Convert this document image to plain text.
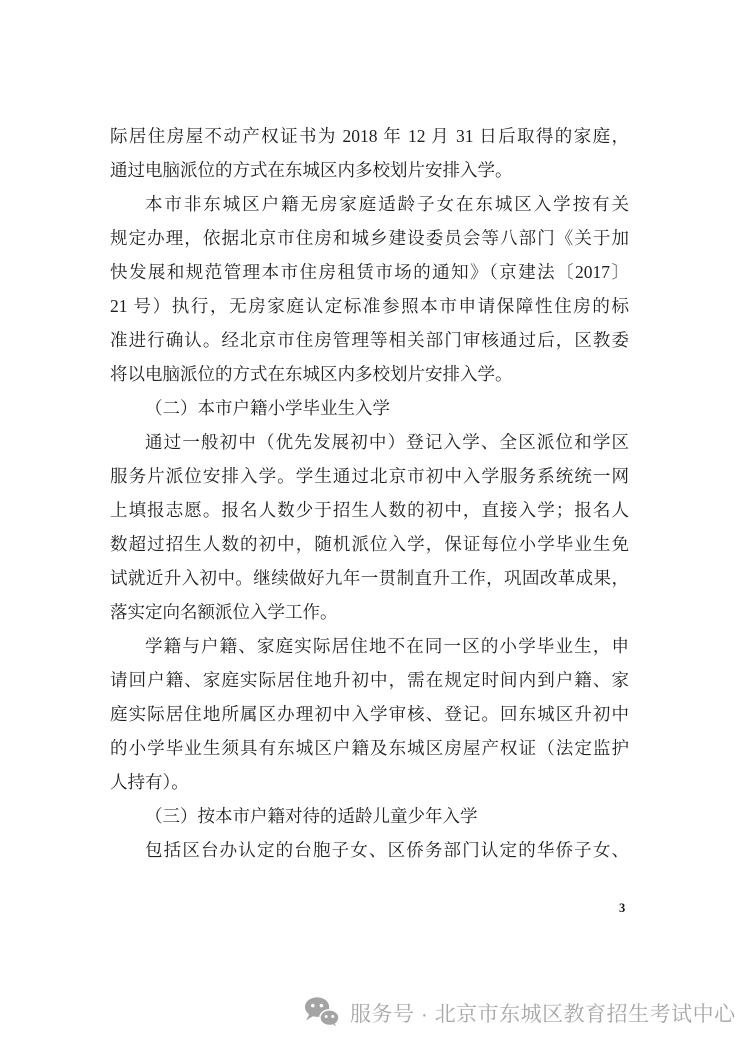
际居住房屋不动产权证书为 2018 年 12 月 31 日后取得的家庭，
通过电脑派位的方式在东城区内多校划片安排入学。
本市非东城区户籍无房家庭适龄子女在东城区入学按有关
规定办理，依据北京市住房和城乡建设委员会等八部门《关于加
快发展和规范管理本市住房租赁市场的通知》（京建法〔2017〕
21 号）执行，无房家庭认定标准参照本市申请保障性住房的标
准进行确认。经北京市住房管理等相关部门审核通过后，区教委
将以电脑派位的方式在东城区内多校划片安排入学。
（二）本市户籍小学毕业生入学
通过一般初中（优先发展初中）登记入学、全区派位和学区
服务片派位安排入学。学生通过北京市初中入学服务系统统一网
上填报志愿。报名人数少于招生人数的初中，直接入学；报名人
数超过招生人数的初中，随机派位入学，保证每位小学毕业生免
试就近升入初中。继续做好九年一贯制直升工作，巩固改革成果，
落实定向名额派位入学工作。
学籍与户籍、家庭实际居住地不在同一区的小学毕业生，申
请回户籍、家庭实际居住地升初中，需在规定时间内到户籍、家
庭实际居住地所属区办理初中入学审核、登记。回东城区升初中
的小学毕业生须具有东城区户籍及东城区房屋产权证（法定监护
人持有）。
（三）按本市户籍对待的适龄儿童少年入学
包括区台办认定的台胞子女、区侨务部门认定的华侨子女、
3
服务号 · 北京市东城区教育招生考试中心
